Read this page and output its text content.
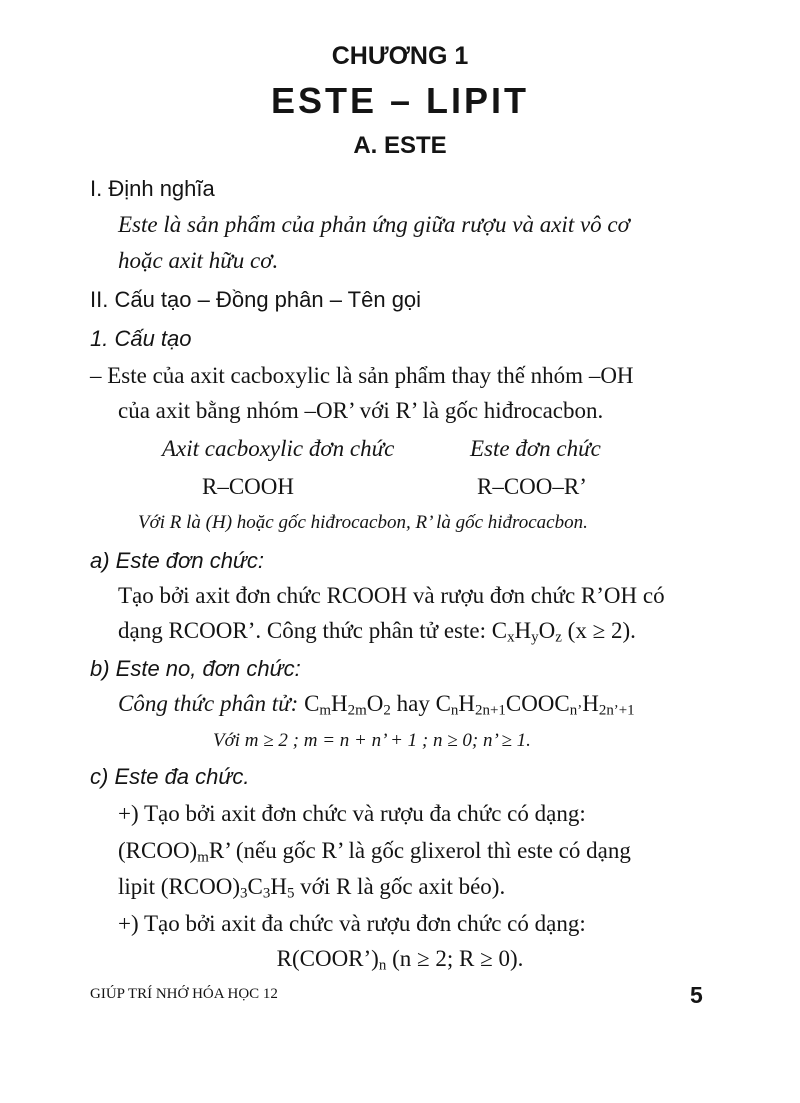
CHƯƠNG 1
ESTE – LIPIT
A. ESTE
I. Định nghĩa
Este là sản phẩm của phản ứng giữa rượu và axit vô cơ
hoặc axit hữu cơ.
II. Cấu tạo – Đồng phân – Tên gọi
1. Cấu tạo
– Este của axit cacboxylic là sản phẩm thay thế nhóm –OH
của axit bằng nhóm –OR’ với R’ là gốc hiđrocacbon.
Axit cacboxylic đơn chức	Este đơn chức
R–COOH	R–COO–R’
Với R là (H) hoặc gốc hiđrocacbon, R’ là gốc hiđrocacbon.
a) Este đơn chức:
Tạo bởi axit đơn chức RCOOH và rượu đơn chức R’OH có
dạng RCOOR’. Công thức phân tử este: $C_xH_yO_z$ (x ≥ 2).
b) Este no, đơn chức:
Công thức phân tử: $C_mH_{2m}O_2$ hay $C_nH_{2n+1}COOC_{n’}H_{2n’+1}$
Với m ≥ 2 ; m = n + n’ + 1 ; n ≥ 0; n’ ≥ 1.
c) Este đa chức.
+) Tạo bởi axit đơn chức và rượu đa chức có dạng:
$(RCOO)_mR$’ (nếu gốc R’ là gốc glixerol thì este có dạng
lipit $(RCOO)_3C_3H_5$ với R là gốc axit béo).
+) Tạo bởi axit đa chức và rượu đơn chức có dạng:
$R(COOR’)_n$ (n ≥ 2; R ≥ 0).
GIÚP TRÍ NHỚ HÓA HỌC 12	5
